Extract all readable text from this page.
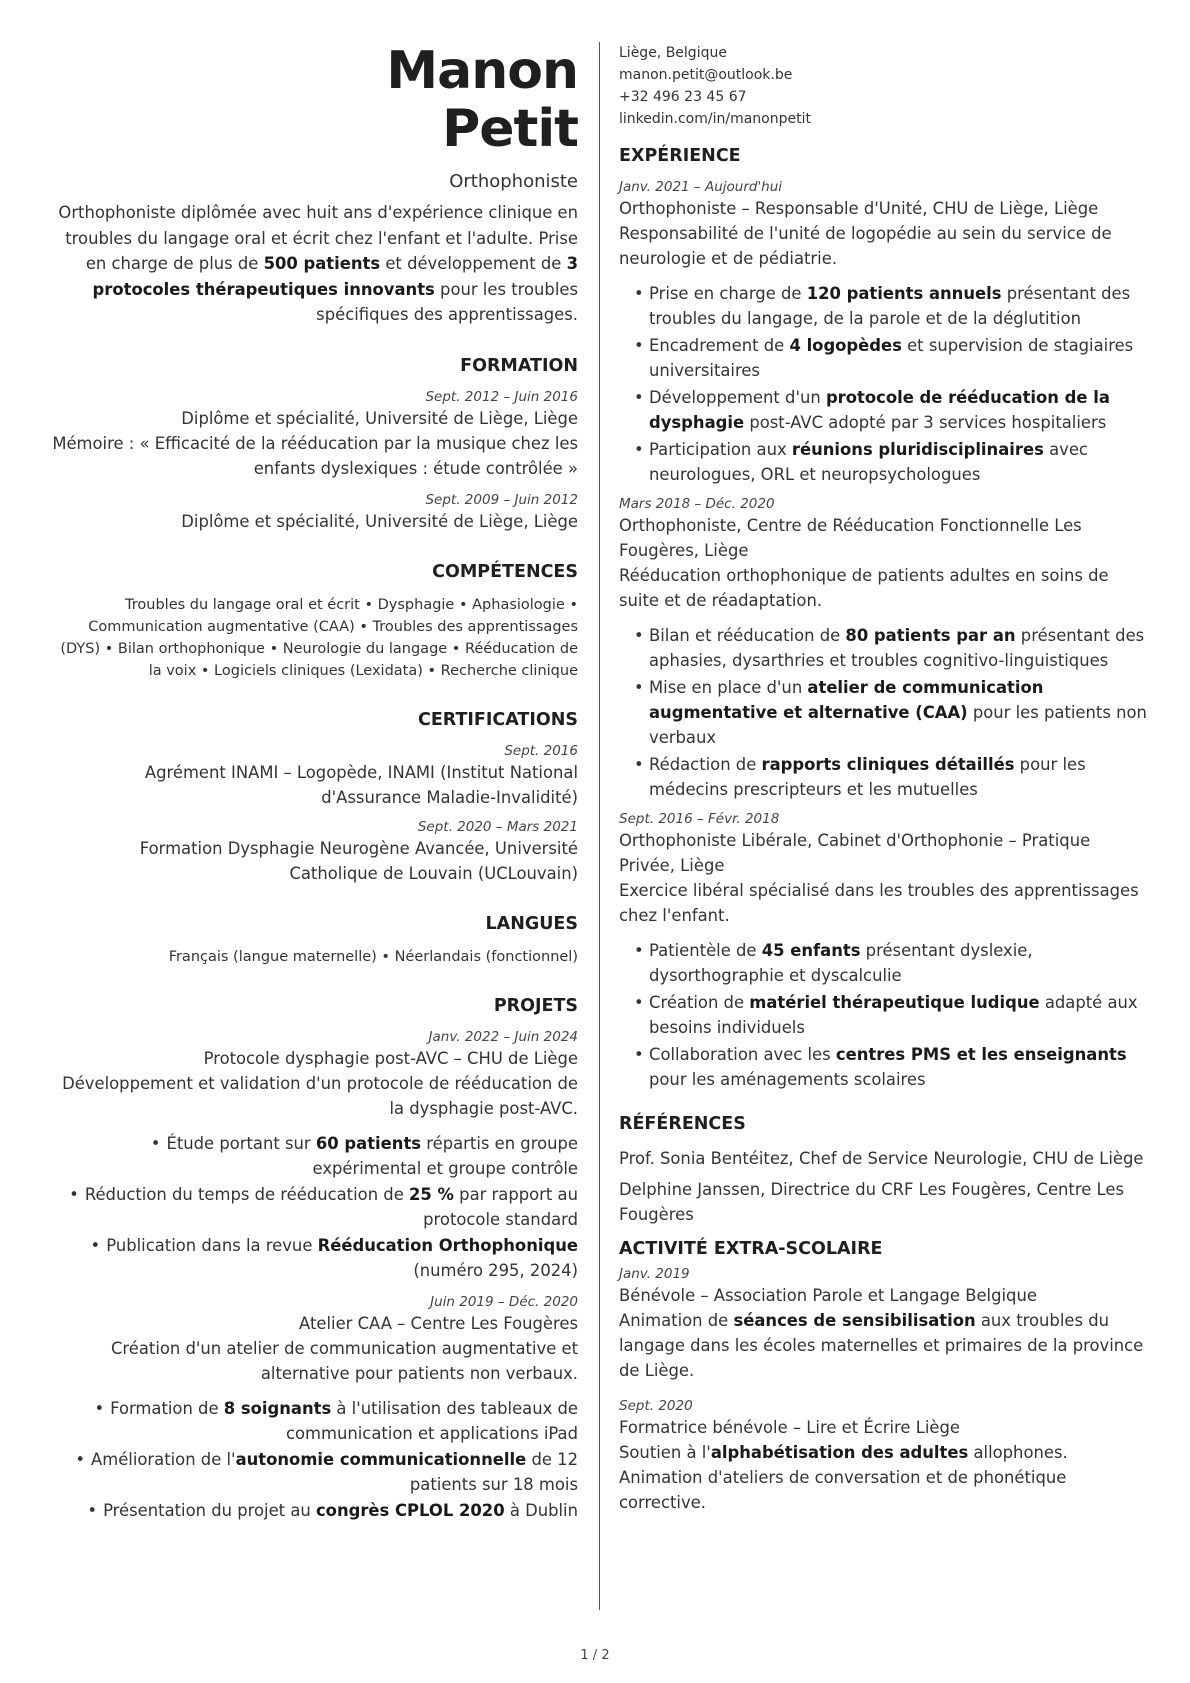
Manon
Petit
Orthophoniste
Orthophoniste diplômée avec huit ans d'expérience clinique en troubles du langage oral et écrit chez l'enfant et l'adulte. Prise en charge de plus de 500 patients et développement de 3 protocoles thérapeutiques innovants pour les troubles spécifiques des apprentissages.
FORMATION
Sept. 2012 – Juin 2016
Diplôme et spécialité, Université de Liège, Liège
Mémoire : « Efficacité de la rééducation par la musique chez les enfants dyslexiques : étude contrôlée »
Sept. 2009 – Juin 2012
Diplôme et spécialité, Université de Liège, Liège
COMPÉTENCES
Troubles du langage oral et écrit • Dysphagie • Aphasiologie • Communication augmentative (CAA) • Troubles des apprentissages (DYS) • Bilan orthophonique • Neurologie du langage • Rééducation de la voix • Logiciels cliniques (Lexidata) • Recherche clinique
CERTIFICATIONS
Sept. 2016
Agrément INAMI – Logopède, INAMI (Institut National d'Assurance Maladie-Invalidité)
Sept. 2020 – Mars 2021
Formation Dysphagie Neurogène Avancée, Université Catholique de Louvain (UCLouvain)
LANGUES
Français (langue maternelle) • Néerlandais (fonctionnel)
PROJETS
Janv. 2022 – Juin 2024
Protocole dysphagie post-AVC – CHU de Liège
Développement et validation d'un protocole de rééducation de la dysphagie post-AVC.
• Étude portant sur 60 patients répartis en groupe expérimental et groupe contrôle
• Réduction du temps de rééducation de 25 % par rapport au protocole standard
• Publication dans la revue Rééducation Orthophonique (numéro 295, 2024)
Juin 2019 – Déc. 2020
Atelier CAA – Centre Les Fougères
Création d'un atelier de communication augmentative et alternative pour patients non verbaux.
• Formation de 8 soignants à l'utilisation des tableaux de communication et applications iPad
• Amélioration de l'autonomie communicationnelle de 12 patients sur 18 mois
• Présentation du projet au congrès CPLOL 2020 à Dublin
Liège, Belgique
manon.petit@outlook.be
+32 496 23 45 67
linkedin.com/in/manonpetit
EXPÉRIENCE
Janv. 2021 – Aujourd'hui
Orthophoniste – Responsable d'Unité, CHU de Liège, Liège
Responsabilité de l'unité de logopédie au sein du service de neurologie et de pédiatrie.
• Prise en charge de 120 patients annuels présentant des troubles du langage, de la parole et de la déglutition
• Encadrement de 4 logopèdes et supervision de stagiaires universitaires
• Développement d'un protocole de rééducation de la dysphagie post-AVC adopté par 3 services hospitaliers
• Participation aux réunions pluridisciplinaires avec neurologues, ORL et neuropsychologues
Mars 2018 – Déc. 2020
Orthophoniste, Centre de Rééducation Fonctionnelle Les Fougères, Liège
Rééducation orthophonique de patients adultes en soins de suite et de réadaptation.
• Bilan et rééducation de 80 patients par an présentant des aphasies, dysarthries et troubles cognitivo-linguistiques
• Mise en place d'un atelier de communication augmentative et alternative (CAA) pour les patients non verbaux
• Rédaction de rapports cliniques détaillés pour les médecins prescripteurs et les mutuelles
Sept. 2016 – Févr. 2018
Orthophoniste Libérale, Cabinet d'Orthophonie – Pratique Privée, Liège
Exercice libéral spécialisé dans les troubles des apprentissages chez l'enfant.
• Patientèle de 45 enfants présentant dyslexie, dysorthographie et dyscalculie
• Création de matériel thérapeutique ludique adapté aux besoins individuels
• Collaboration avec les centres PMS et les enseignants pour les aménagements scolaires
RÉFÉRENCES
Prof. Sonia Bentéitez, Chef de Service Neurologie, CHU de Liège
Delphine Janssen, Directrice du CRF Les Fougères, Centre Les Fougères
ACTIVITÉ EXTRA-SCOLAIRE
Janv. 2019
Bénévole – Association Parole et Langage Belgique
Animation de séances de sensibilisation aux troubles du langage dans les écoles maternelles et primaires de la province de Liège.
Sept. 2020
Formatrice bénévole – Lire et Écrire Liège
Soutien à l'alphabétisation des adultes allophones. Animation d'ateliers de conversation et de phonétique corrective.
1 / 2
